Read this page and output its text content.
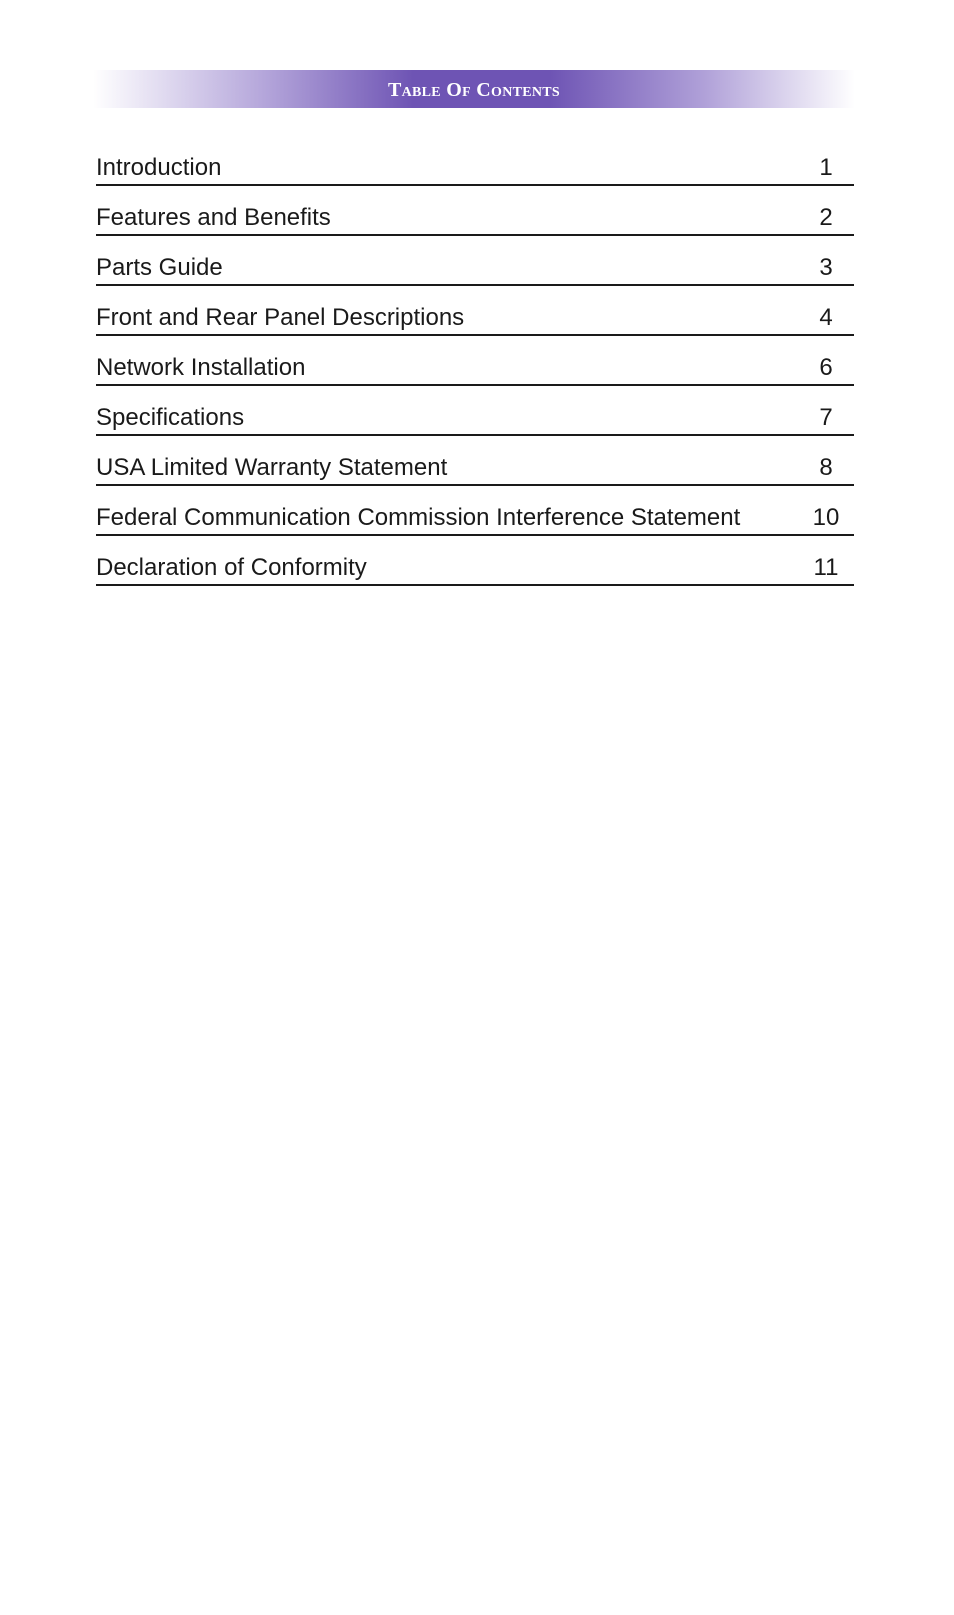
Table Of Contents
Introduction	1
Features and Benefits	2
Parts Guide	3
Front and Rear Panel Descriptions	4
Network Installation	6
Specifications	7
USA Limited Warranty Statement	8
Federal Communication Commission Interference Statement	10
Declaration of Conformity	11
